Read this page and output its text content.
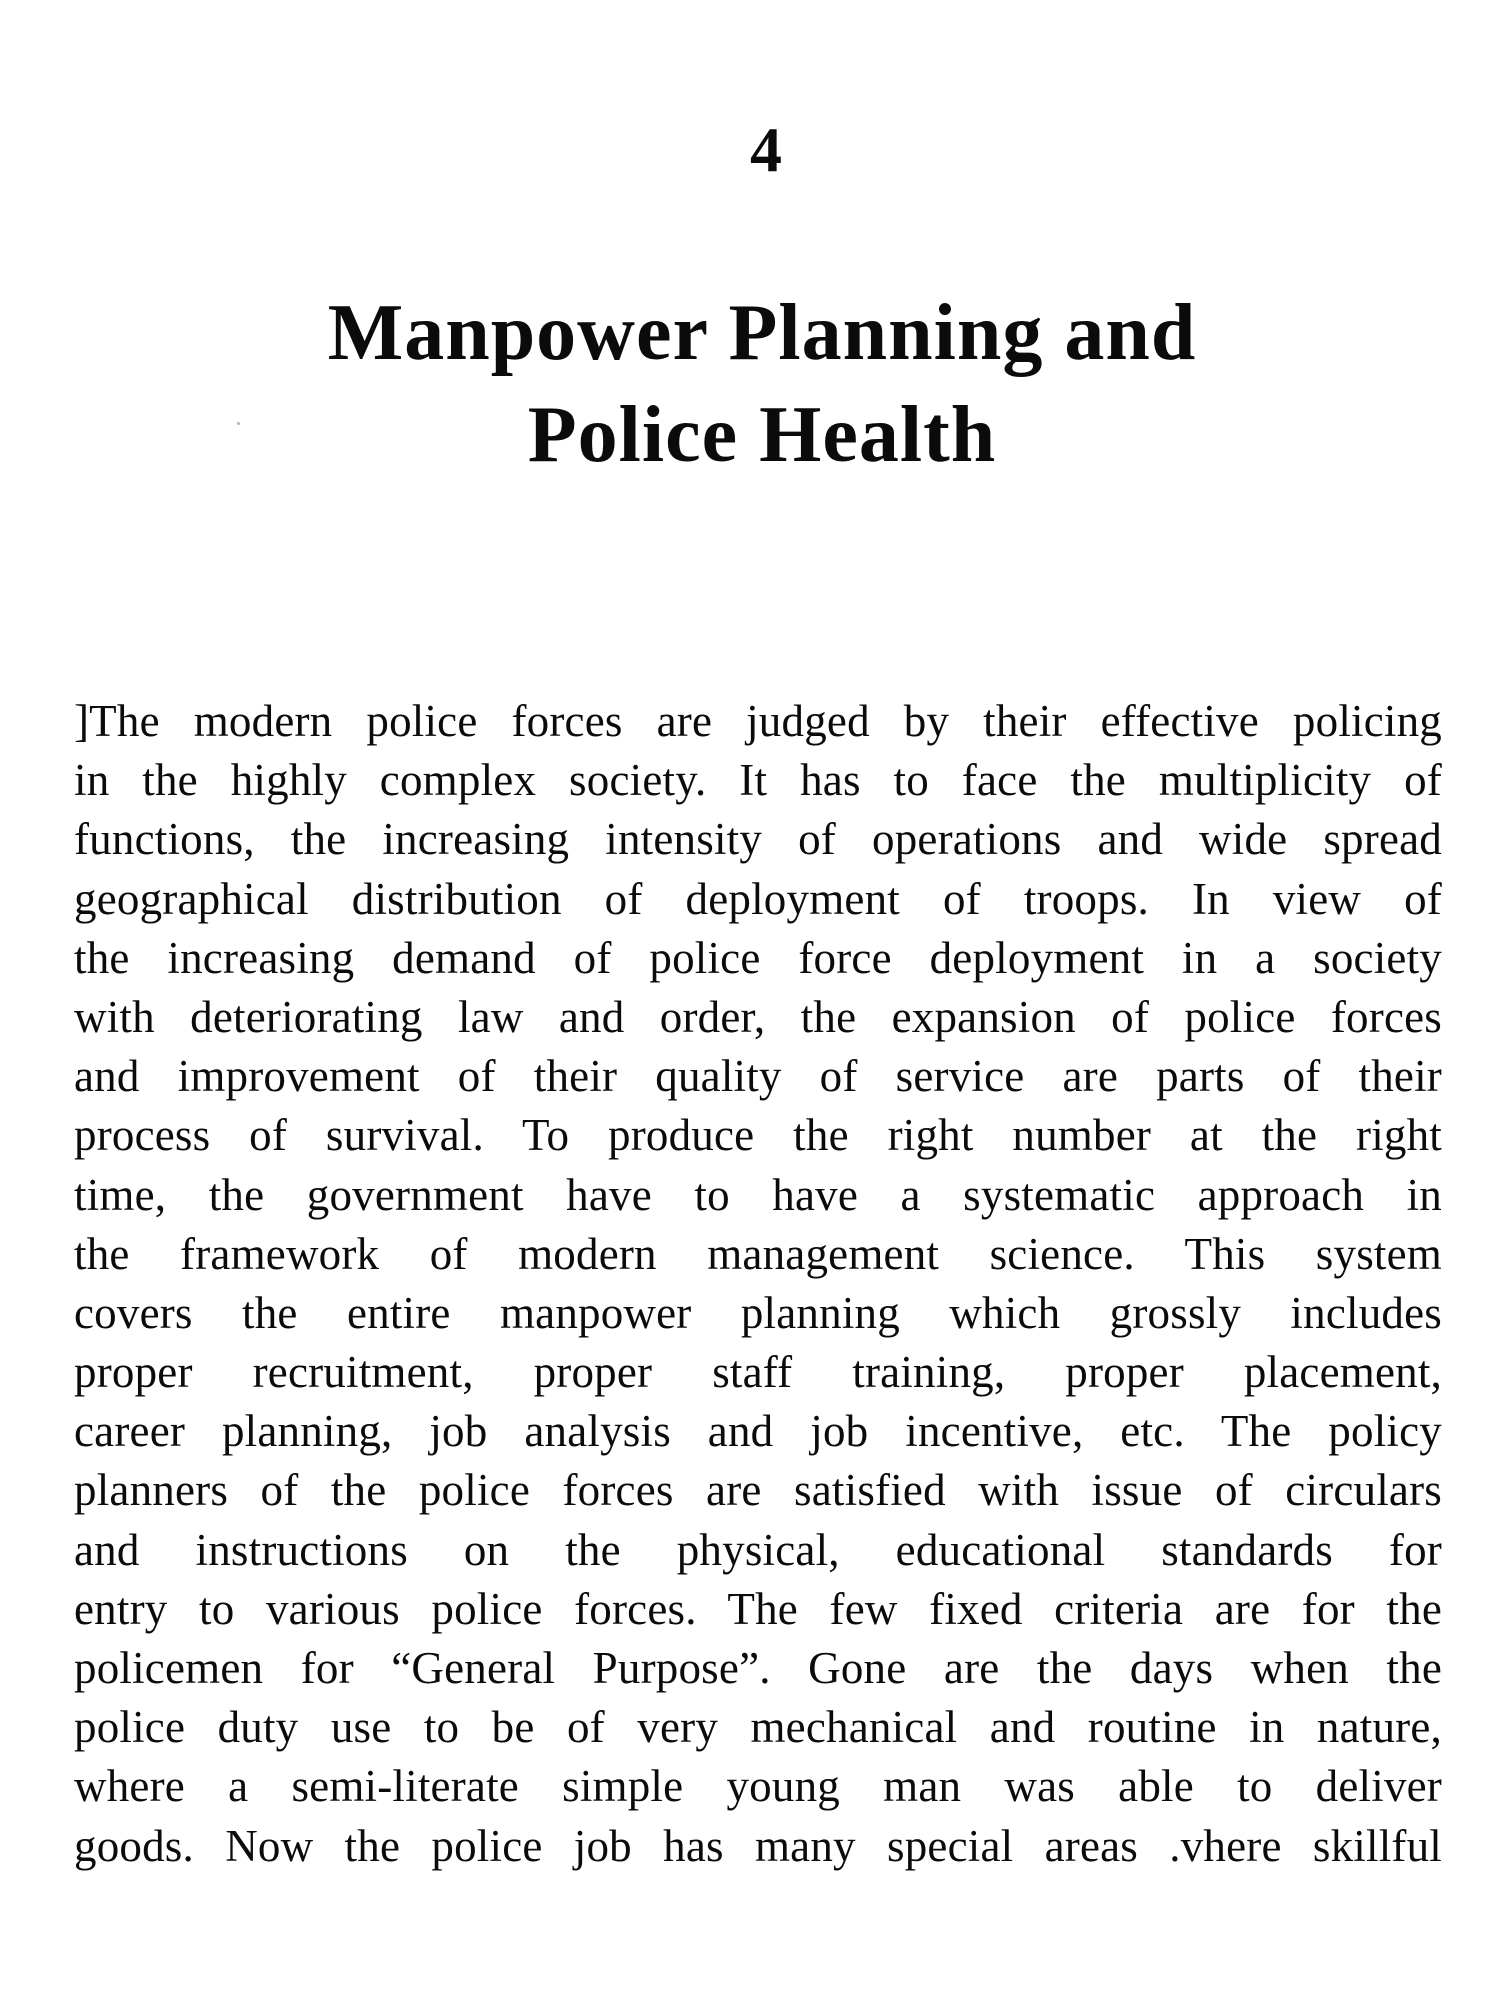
4
Manpower Planning and
Police Health
]The modern police forces are judged by their effective policing
in the highly complex society. It has to face the multiplicity of
functions, the increasing intensity of operations and wide spread
geographical distribution of deployment of troops. In view of
the increasing demand of police force deployment in a society
with deteriorating law and order, the expansion of police forces
and improvement of their quality of service are parts of their
process of survival. To produce the right number at the right
time, the government have to have a systematic approach in
the framework of modern management science. This system
covers the entire manpower planning which grossly includes
proper recruitment, proper staff training, proper placement,
career planning, job analysis and job incentive, etc. The policy
planners of the police forces are satisfied with issue of circulars
and instructions on the physical, educational standards for
entry to various police forces. The few fixed criteria are for the
policemen for “General Purpose”. Gone are the days when the
police duty use to be of very mechanical and routine in nature,
where a semi-literate simple young man was able to deliver
goods. Now the police job has many special areas .vhere skillful
